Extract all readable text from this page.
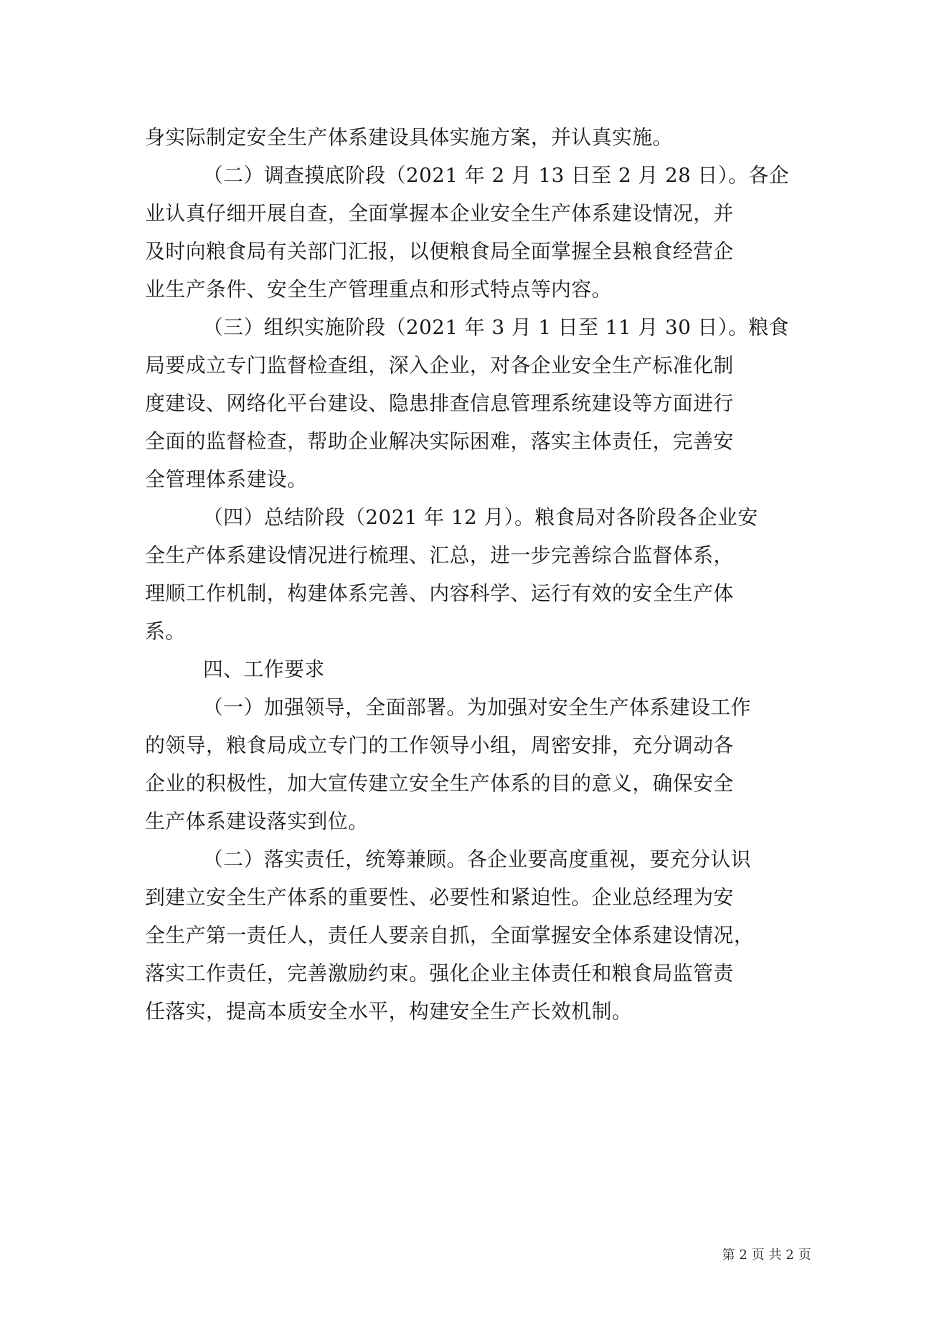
身实际制定安全生产体系建设具体实施方案，并认真实施。
（二）调查摸底阶段（2021 年 2 月 13 日至 2 月 28 日）。各企
业认真仔细开展自查，全面掌握本企业安全生产体系建设情况，并
及时向粮食局有关部门汇报，以便粮食局全面掌握全县粮食经营企
业生产条件、安全生产管理重点和形式特点等内容。
（三）组织实施阶段（2021 年 3 月 1 日至 11 月 30 日）。粮食
局要成立专门监督检查组，深入企业，对各企业安全生产标准化制
度建设、网络化平台建设、隐患排查信息管理系统建设等方面进行
全面的监督检查，帮助企业解决实际困难，落实主体责任，完善安
全管理体系建设。
（四）总结阶段（2021 年 12 月）。粮食局对各阶段各企业安
全生产体系建设情况进行梳理、汇总，进一步完善综合监督体系，
理顺工作机制，构建体系完善、内容科学、运行有效的安全生产体
系。
四、工作要求
（一）加强领导，全面部署。为加强对安全生产体系建设工作
的领导，粮食局成立专门的工作领导小组，周密安排，充分调动各
企业的积极性，加大宣传建立安全生产体系的目的意义，确保安全
生产体系建设落实到位。
（二）落实责任，统筹兼顾。各企业要高度重视，要充分认识
到建立安全生产体系的重要性、必要性和紧迫性。企业总经理为安
全生产第一责任人，责任人要亲自抓，全面掌握安全体系建设情况，
落实工作责任，完善激励约束。强化企业主体责任和粮食局监管责
任落实，提高本质安全水平，构建安全生产长效机制。
第 2 页 共 2 页
